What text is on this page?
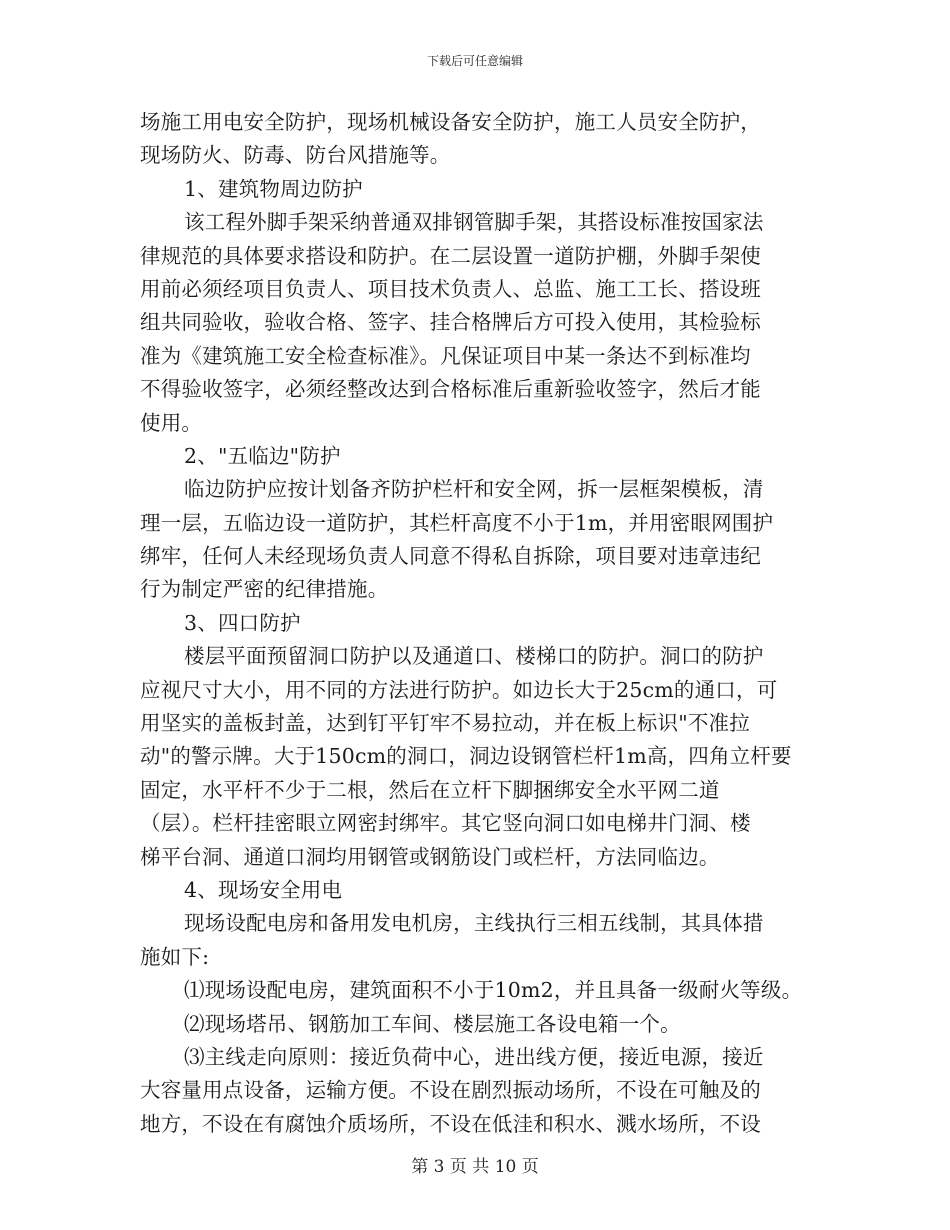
下载后可任意编辑
场施工用电安全防护，现场机械设备安全防护，施工人员安全防护，
现场防火、防毒、防台风措施等。
1、建筑物周边防护
该工程外脚手架采纳普通双排钢管脚手架，其搭设标准按国家法
律规范的具体要求搭设和防护。在二层设置一道防护棚，外脚手架使
用前必须经项目负责人、项目技术负责人、总监、施工工长、搭设班
组共同验收，验收合格、签字、挂合格牌后方可投入使用，其检验标
准为《建筑施工安全检查标准》。凡保证项目中某一条达不到标准均
不得验收签字，必须经整改达到合格标准后重新验收签字，然后才能
使用。
2、"五临边"防护
临边防护应按计划备齐防护栏杆和安全网，拆一层框架模板，清
理一层，五临边设一道防护，其栏杆高度不小于1m，并用密眼网围护
绑牢，任何人未经现场负责人同意不得私自拆除，项目要对违章违纪
行为制定严密的纪律措施。
3、四口防护
楼层平面预留洞口防护以及通道口、楼梯口的防护。洞口的防护
应视尺寸大小，用不同的方法进行防护。如边长大于25cm的通口，可
用坚实的盖板封盖，达到钉平钉牢不易拉动，并在板上标识"不准拉
动"的警示牌。大于150cm的洞口，洞边设钢管栏杆1m高，四角立杆要
固定，水平杆不少于二根，然后在立杆下脚捆绑安全水平网二道
（层）。栏杆挂密眼立网密封绑牢。其它竖向洞口如电梯井门洞、楼
梯平台洞、通道口洞均用钢管或钢筋设门或栏杆，方法同临边。
4、现场安全用电
现场设配电房和备用发电机房，主线执行三相五线制，其具体措
施如下:
⑴现场设配电房，建筑面积不小于10m2，并且具备一级耐火等级。
⑵现场塔吊、钢筋加工车间、楼层施工各设电箱一个。
⑶主线走向原则：接近负荷中心，进出线方便，接近电源，接近
大容量用点设备，运输方便。不设在剧烈振动场所，不设在可触及的
地方，不设在有腐蚀介质场所，不设在低洼和积水、溅水场所，不设
第 3 页 共 10 页
